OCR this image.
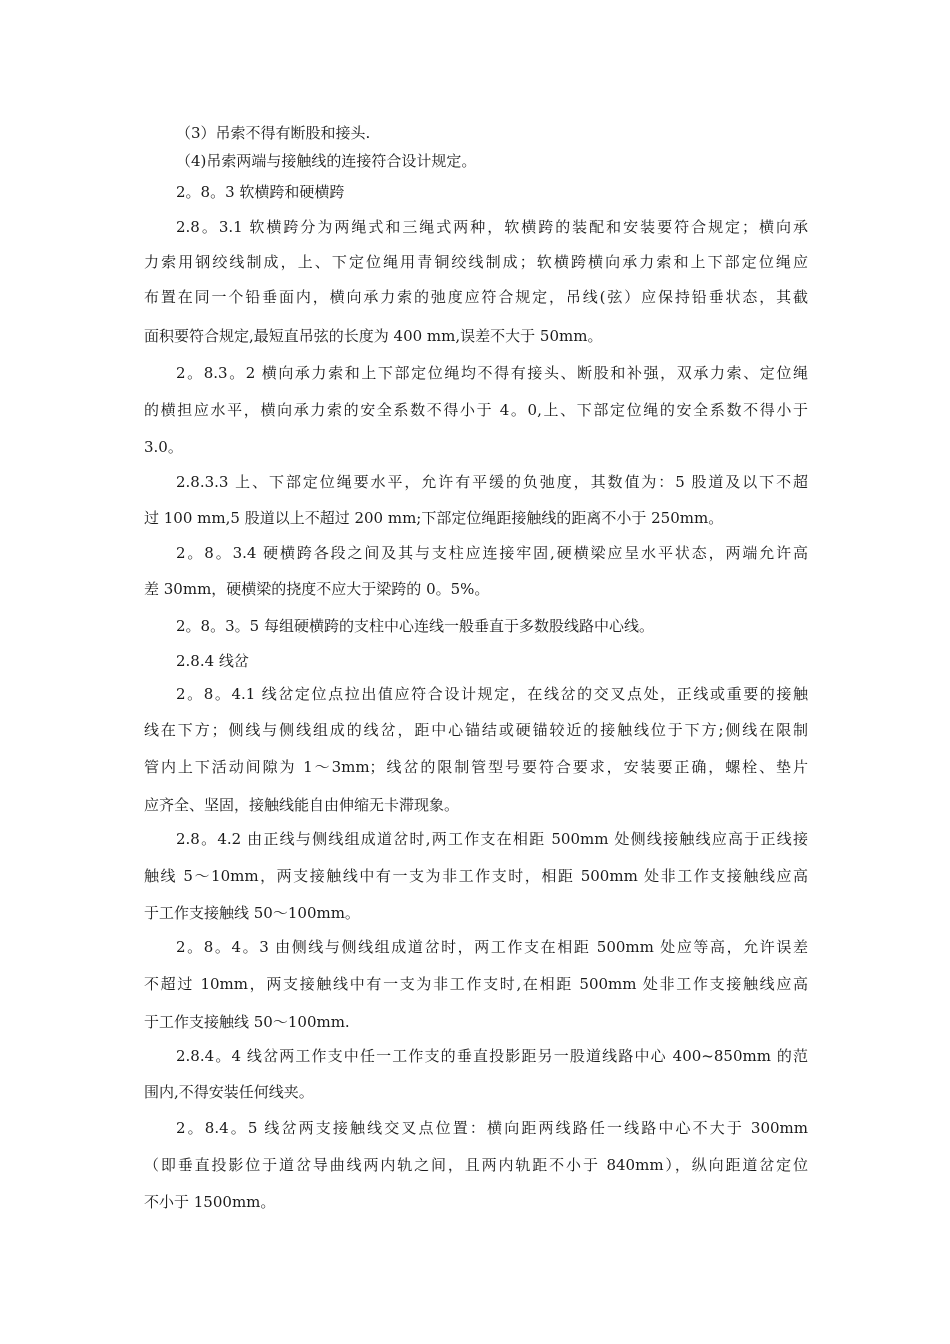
（3）吊索不得有断股和接头.
（4)吊索两端与接触线的连接符合设计规定。
2。8。3 软横跨和硬横跨
2.8。3.1 软横跨分为两绳式和三绳式两种，软横跨的装配和安装要符合规定；横向承
力索用钢绞线制成，上、下定位绳用青铜绞线制成；软横跨横向承力索和上下部定位绳应
布置在同一个铅垂面内，横向承力索的弛度应符合规定，吊线(弦）应保持铅垂状态，其截
面积要符合规定,最短直吊弦的长度为 400 mm,误差不大于 50mm。
2。8.3。2 横向承力索和上下部定位绳均不得有接头、断股和补强，双承力索、定位绳
的横担应水平，横向承力索的安全系数不得小于 4。0,上、下部定位绳的安全系数不得小于
3.0。
2.8.3.3 上、下部定位绳要水平，允许有平缓的负弛度，其数值为：5 股道及以下不超
过 100 mm,5 股道以上不超过 200 mm;下部定位绳距接触线的距离不小于 250mm。
2。8。3.4 硬横跨各段之间及其与支柱应连接牢固,硬横梁应呈水平状态，两端允许高
差 30mm，硬横梁的挠度不应大于梁跨的 0。5%。
2。8。3。5 每组硬横跨的支柱中心连线一般垂直于多数股线路中心线。
2.8.4 线岔
2。8。4.1 线岔定位点拉出值应符合设计规定，在线岔的交叉点处，正线或重要的接触
线在下方；侧线与侧线组成的线岔，距中心锚结或硬锚较近的接触线位于下方;侧线在限制
管内上下活动间隙为 1～3mm；线岔的限制管型号要符合要求，安装要正确，螺栓、垫片
应齐全、坚固，接触线能自由伸缩无卡滞现象。
2.8。4.2 由正线与侧线组成道岔时,两工作支在相距 500mm 处侧线接触线应高于正线接
触线 5～10mm，两支接触线中有一支为非工作支时，相距 500mm 处非工作支接触线应高
于工作支接触线 50～100mm。
2。8。4。3 由侧线与侧线组成道岔时，两工作支在相距 500mm 处应等高，允许误差
不超过 10mm，两支接触线中有一支为非工作支时,在相距 500mm 处非工作支接触线应高
于工作支接触线 50～100mm.
2.8.4。4 线岔两工作支中任一工作支的垂直投影距另一股道线路中心 400~850mm 的范
围内,不得安装任何线夹。
2。8.4。5 线岔两支接触线交叉点位置：横向距两线路任一线路中心不大于 300mm
（即垂直投影位于道岔导曲线两内轨之间，且两内轨距不小于 840mm），纵向距道岔定位
不小于 1500mm。
